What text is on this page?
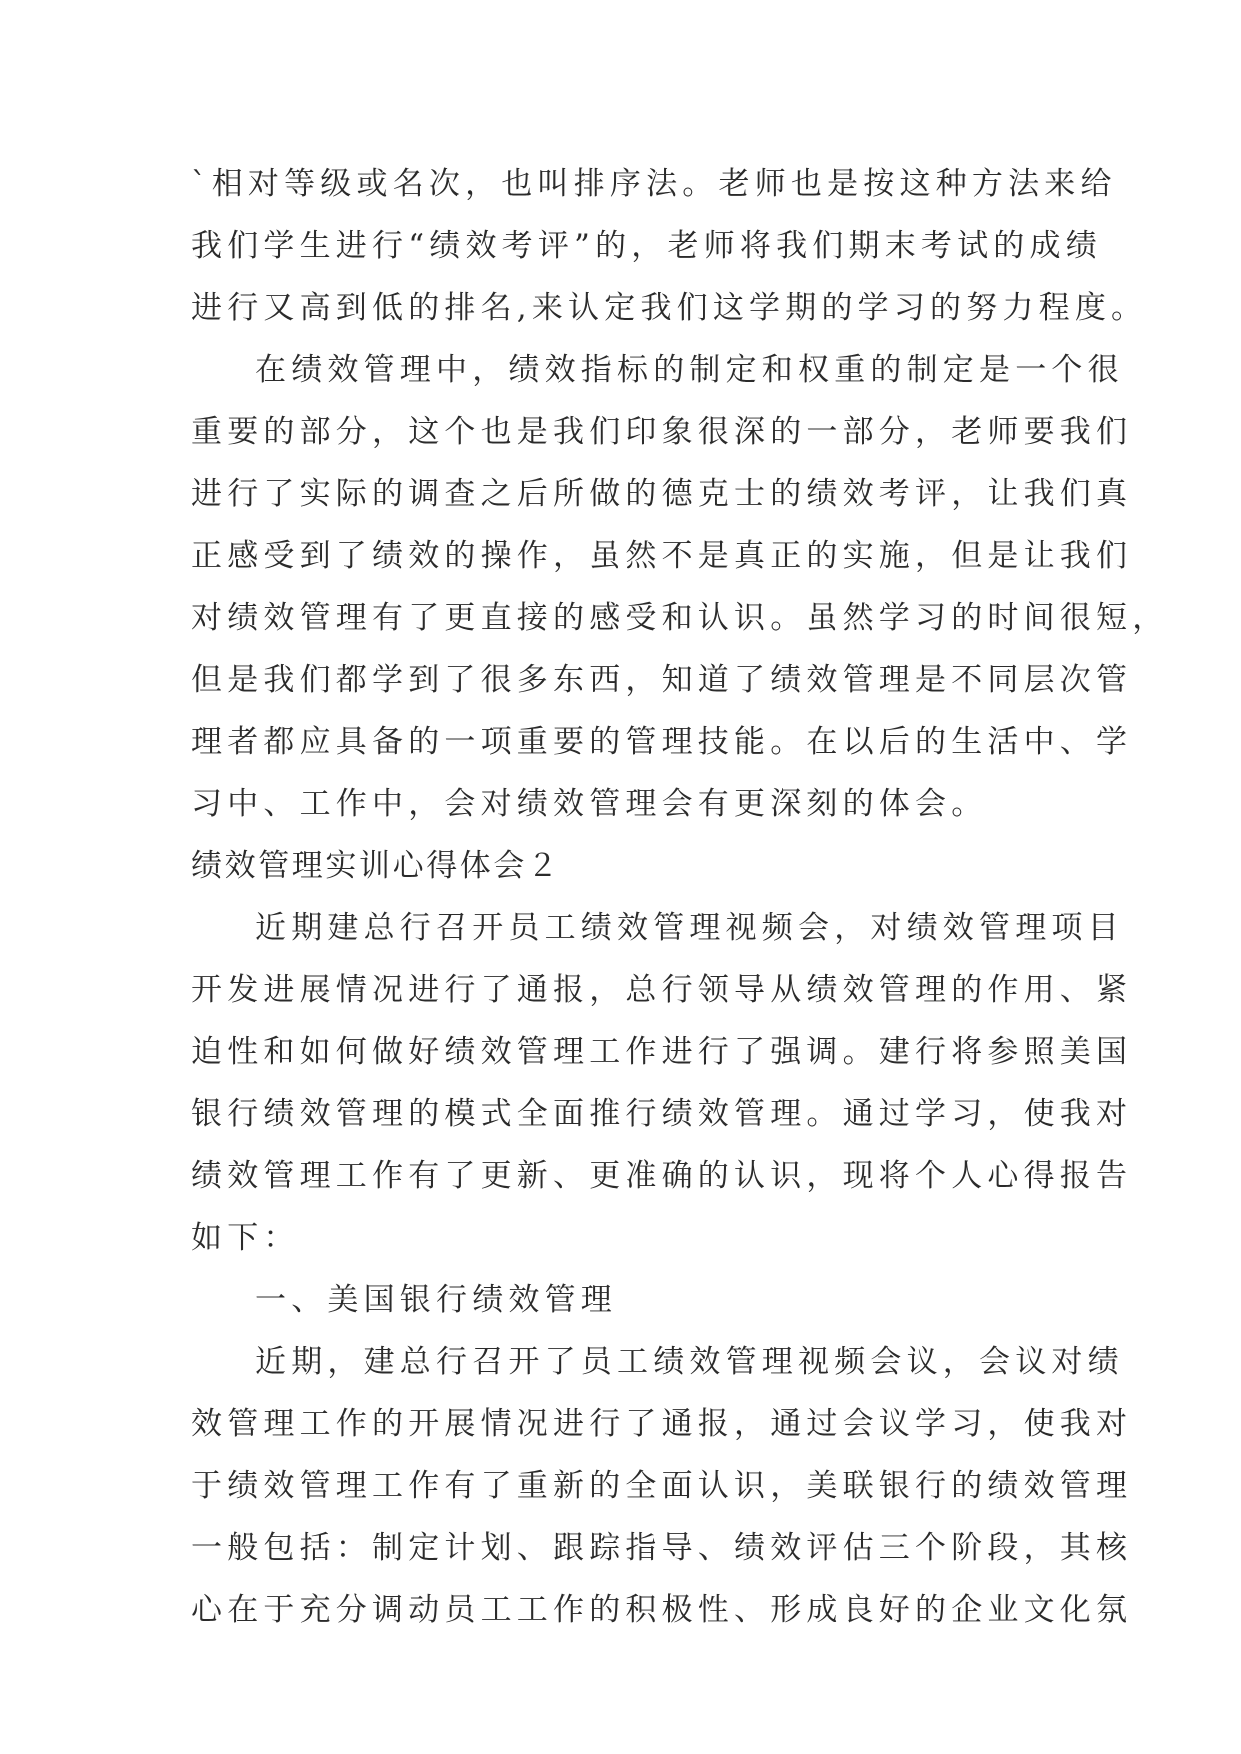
`相对等级或名次，也叫排序法。老师也是按这种方法来给
我们学生进行“绩效考评”的，老师将我们期末考试的成绩
进行又高到低的排名,来认定我们这学期的学习的努力程度。
在绩效管理中，绩效指标的制定和权重的制定是一个很
重要的部分，这个也是我们印象很深的一部分，老师要我们
进行了实际的调查之后所做的德克士的绩效考评，让我们真
正感受到了绩效的操作，虽然不是真正的实施，但是让我们
对绩效管理有了更直接的感受和认识。虽然学习的时间很短，
但是我们都学到了很多东西，知道了绩效管理是不同层次管
理者都应具备的一项重要的管理技能。在以后的生活中、学
习中、工作中，会对绩效管理会有更深刻的体会。
绩效管理实训心得体会２
近期建总行召开员工绩效管理视频会，对绩效管理项目
开发进展情况进行了通报，总行领导从绩效管理的作用、紧
迫性和如何做好绩效管理工作进行了强调。建行将参照美国
银行绩效管理的模式全面推行绩效管理。通过学习，使我对
绩效管理工作有了更新、更准确的认识，现将个人心得报告
如下：
一、美国银行绩效管理
近期，建总行召开了员工绩效管理视频会议，会议对绩
效管理工作的开展情况进行了通报，通过会议学习，使我对
于绩效管理工作有了重新的全面认识，美联银行的绩效管理
一般包括：制定计划、跟踪指导、绩效评估三个阶段，其核
心在于充分调动员工工作的积极性、形成良好的企业文化氛
